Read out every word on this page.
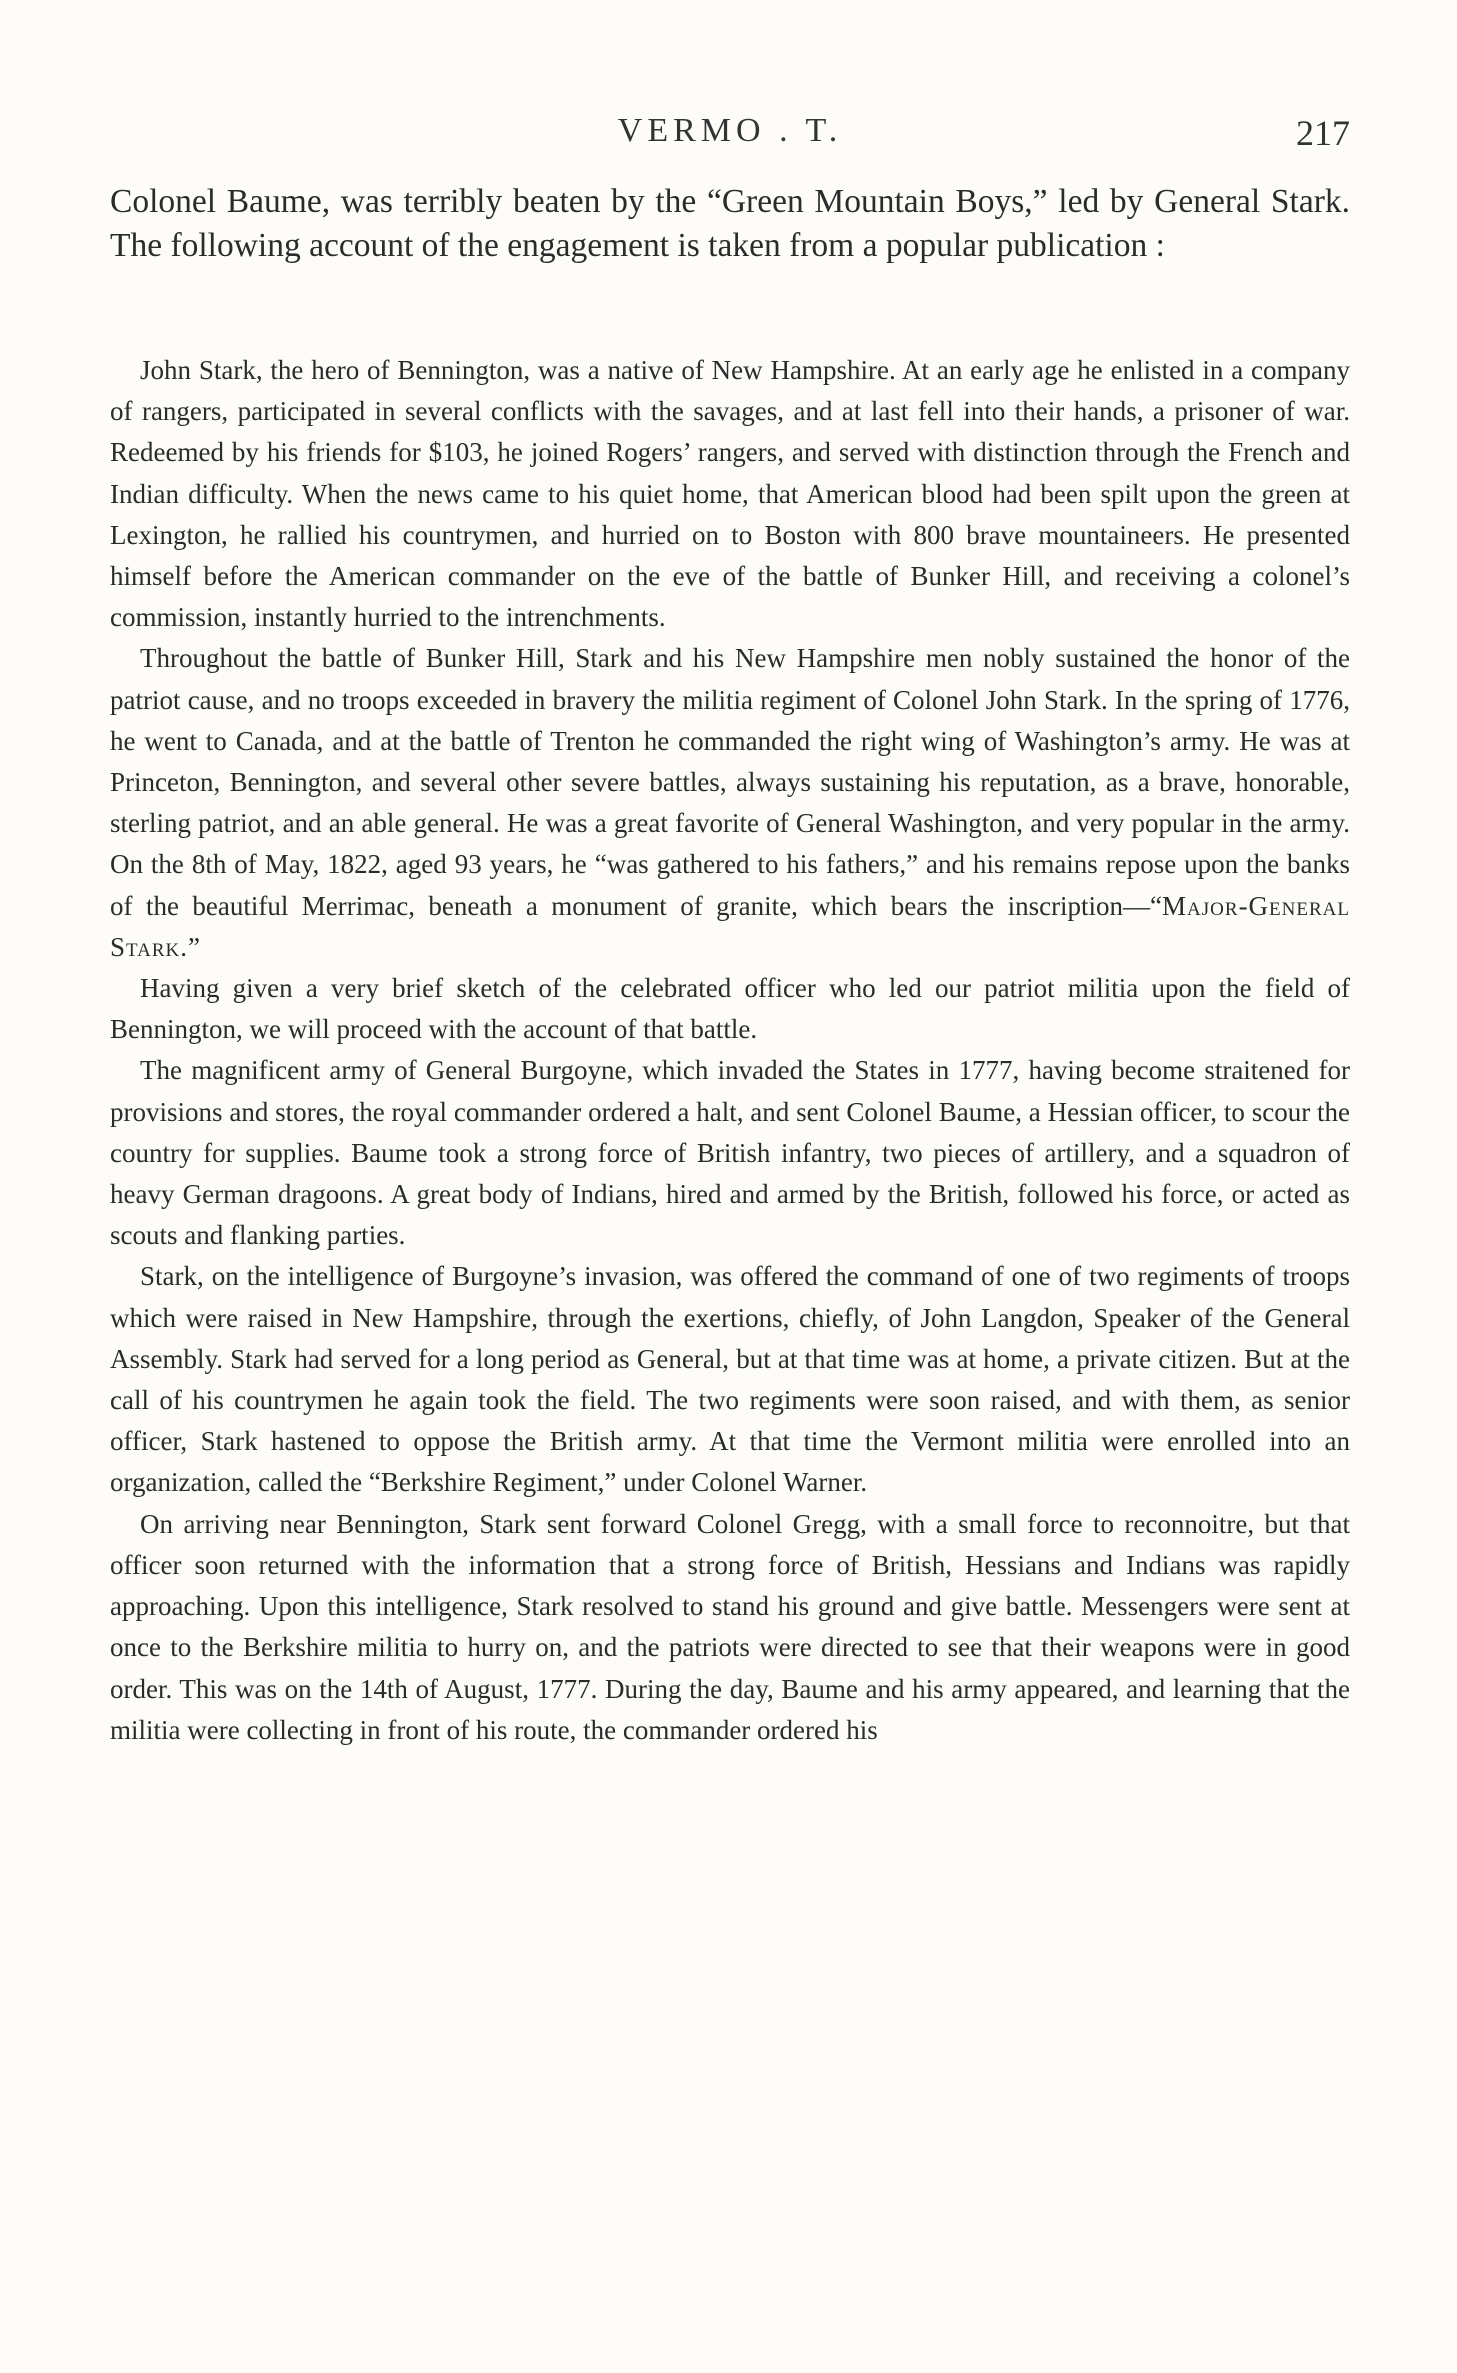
VERMO . T.	217

Colonel Baume, was terribly beaten by the “Green Mountain Boys,” led by General Stark. The following account of the engagement is taken from a popular publication :

John Stark, the hero of Bennington, was a native of New Hampshire. At an early age he enlisted in a company of rangers, participated in several conflicts with the savages, and at last fell into their hands, a prisoner of war. Redeemed by his friends for $103, he joined Rogers’ rangers, and served with distinction through the French and Indian difficulty. When the news came to his quiet home, that American blood had been spilt upon the green at Lexington, he rallied his countrymen, and hurried on to Boston with 800 brave mountaineers. He presented himself before the American commander on the eve of the battle of Bunker Hill, and receiving a colonel’s commission, instantly hurried to the intrenchments.

Throughout the battle of Bunker Hill, Stark and his New Hampshire men nobly sustained the honor of the patriot cause, and no troops exceeded in bravery the militia regiment of Colonel John Stark. In the spring of 1776, he went to Canada, and at the battle of Trenton he commanded the right wing of Washington’s army. He was at Princeton, Bennington, and several other severe battles, always sustaining his reputation, as a brave, honorable, sterling patriot, and an able general. He was a great favorite of General Washington, and very popular in the army. On the 8th of May, 1822, aged 93 years, he “was gathered to his fathers,” and his remains repose upon the banks of the beautiful Merrimac, beneath a monument of granite, which bears the inscription—“Major-General Stark.”

Having given a very brief sketch of the celebrated officer who led our patriot militia upon the field of Bennington, we will proceed with the account of that battle.

The magnificent army of General Burgoyne, which invaded the States in 1777, having become straitened for provisions and stores, the royal commander ordered a halt, and sent Colonel Baume, a Hessian officer, to scour the country for supplies. Baume took a strong force of British infantry, two pieces of artillery, and a squadron of heavy German dragoons. A great body of Indians, hired and armed by the British, followed his force, or acted as scouts and flanking parties.

Stark, on the intelligence of Burgoyne’s invasion, was offered the command of one of two regiments of troops which were raised in New Hampshire, through the exertions, chiefly, of John Langdon, Speaker of the General Assembly. Stark had served for a long period as General, but at that time was at home, a private citizen. But at the call of his countrymen he again took the field. The two regiments were soon raised, and with them, as senior officer, Stark hastened to oppose the British army. At that time the Vermont militia were enrolled into an organization, called the “Berkshire Regiment,” under Colonel Warner.

On arriving near Bennington, Stark sent forward Colonel Gregg, with a small force to reconnoitre, but that officer soon returned with the information that a strong force of British, Hessians and Indians was rapidly approaching. Upon this intelligence, Stark resolved to stand his ground and give battle. Messengers were sent at once to the Berkshire militia to hurry on, and the patriots were directed to see that their weapons were in good order. This was on the 14th of August, 1777. During the day, Baume and his army appeared, and learning that the militia were collecting in front of his route, the commander ordered his
